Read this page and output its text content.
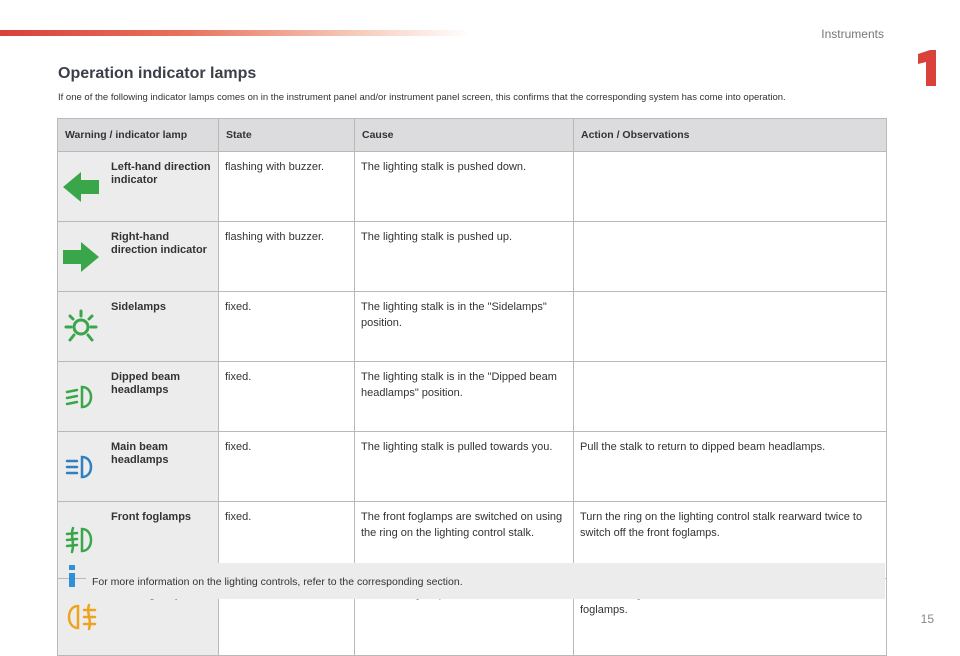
Instruments
Operation indicator lamps
If one of the following indicator lamps comes on in the instrument panel and/or instrument panel screen, this confirms that the corresponding system has come into operation.
Warning / indicator lamp	State	Cause	Action / Observations

Left-hand direction indicator	flashing with buzzer.	The lighting stalk is pushed down.	

Right-hand direction indicator	flashing with buzzer.	The lighting stalk is pushed up.	

Sidelamps	fixed.	The lighting stalk is in the "Sidelamps" position.	

Dipped beam headlamps	fixed.	The lighting stalk is in the "Dipped beam headlamps" position.	

Main beam headlamps	fixed.	The lighting stalk is pulled towards you.	Pull the stalk to return to dipped beam headlamps.

Front foglamps	fixed.	The front foglamps are switched on using the ring on the lighting control stalk.	Turn the ring on the lighting control stalk rearward twice to switch off the front foglamps.

			foglamps.
For more information on the lighting controls, refer to the corresponding section.
15
